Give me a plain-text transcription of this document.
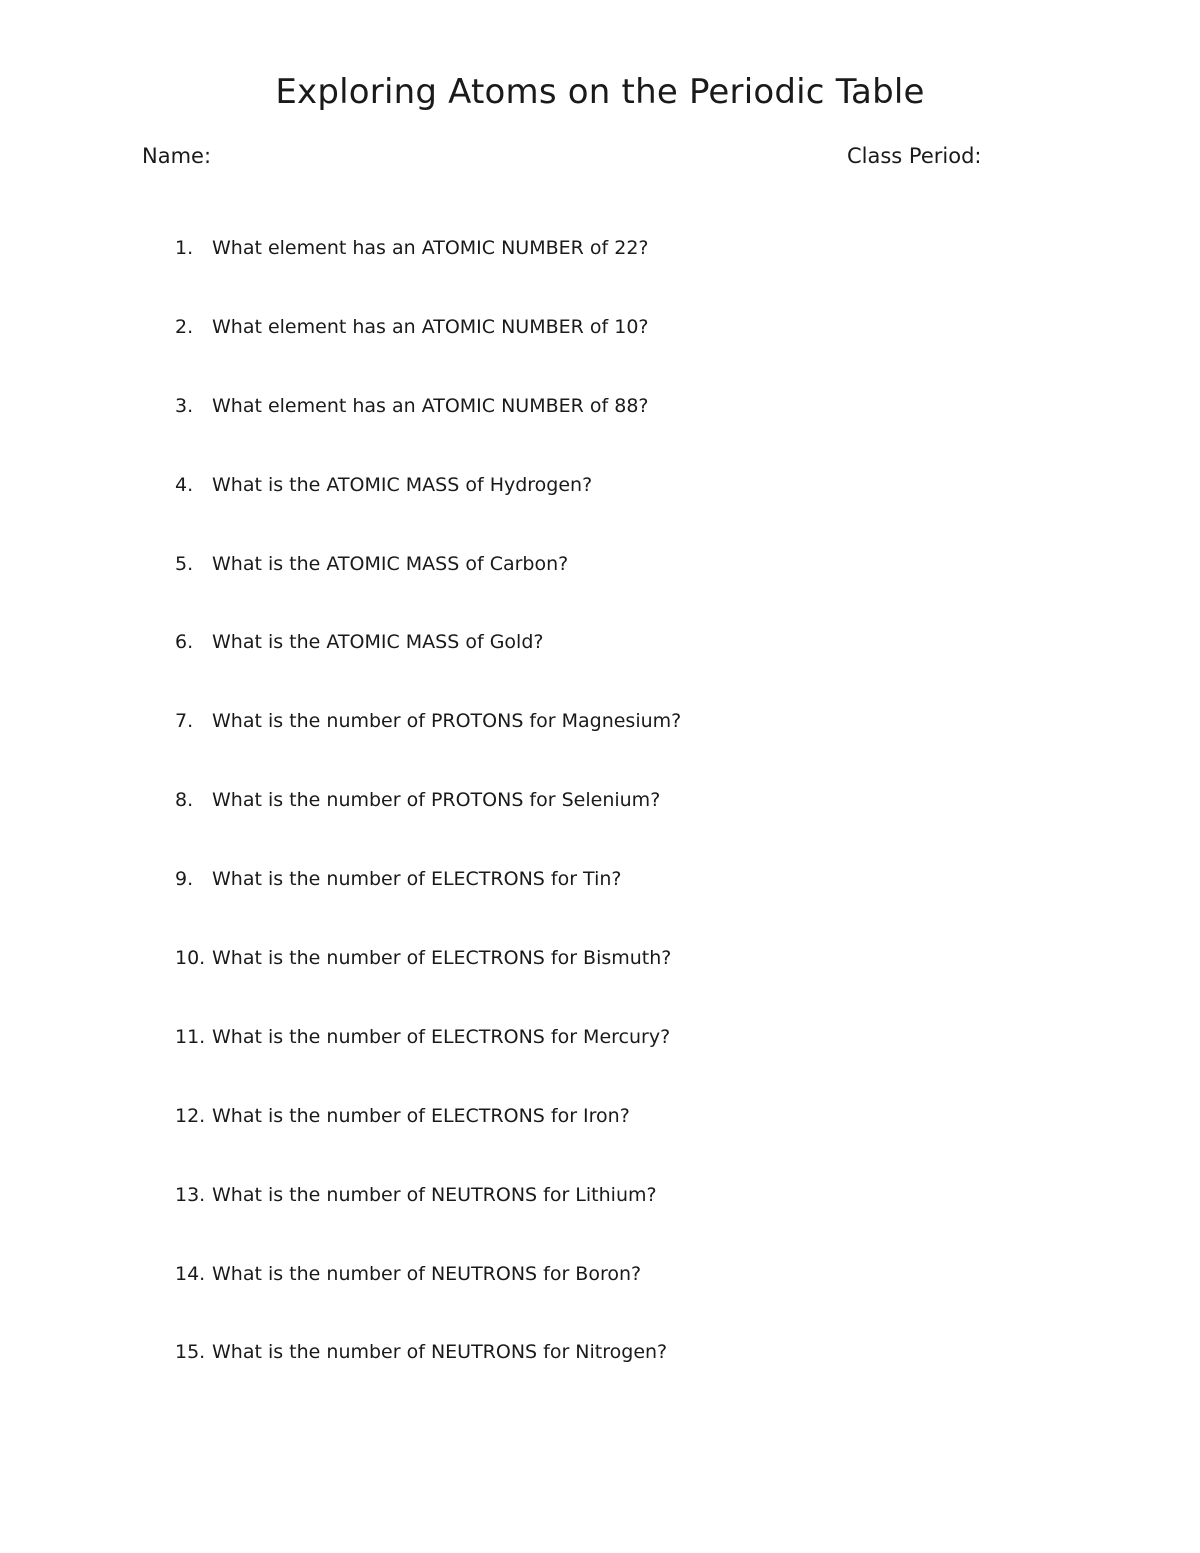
Exploring Atoms on the Periodic Table
Name:	Class Period:
1. What element has an ATOMIC NUMBER of 22?
2. What element has an ATOMIC NUMBER of 10?
3. What element has an ATOMIC NUMBER of 88?
4. What is the ATOMIC MASS of Hydrogen?
5. What is the ATOMIC MASS of Carbon?
6. What is the ATOMIC MASS of Gold?
7. What is the number of PROTONS for Magnesium?
8. What is the number of PROTONS for Selenium?
9. What is the number of ELECTRONS for Tin?
10. What is the number of ELECTRONS for Bismuth?
11. What is the number of ELECTRONS for Mercury?
12. What is the number of ELECTRONS for Iron?
13. What is the number of NEUTRONS for Lithium?
14. What is the number of NEUTRONS for Boron?
15. What is the number of NEUTRONS for Nitrogen?
